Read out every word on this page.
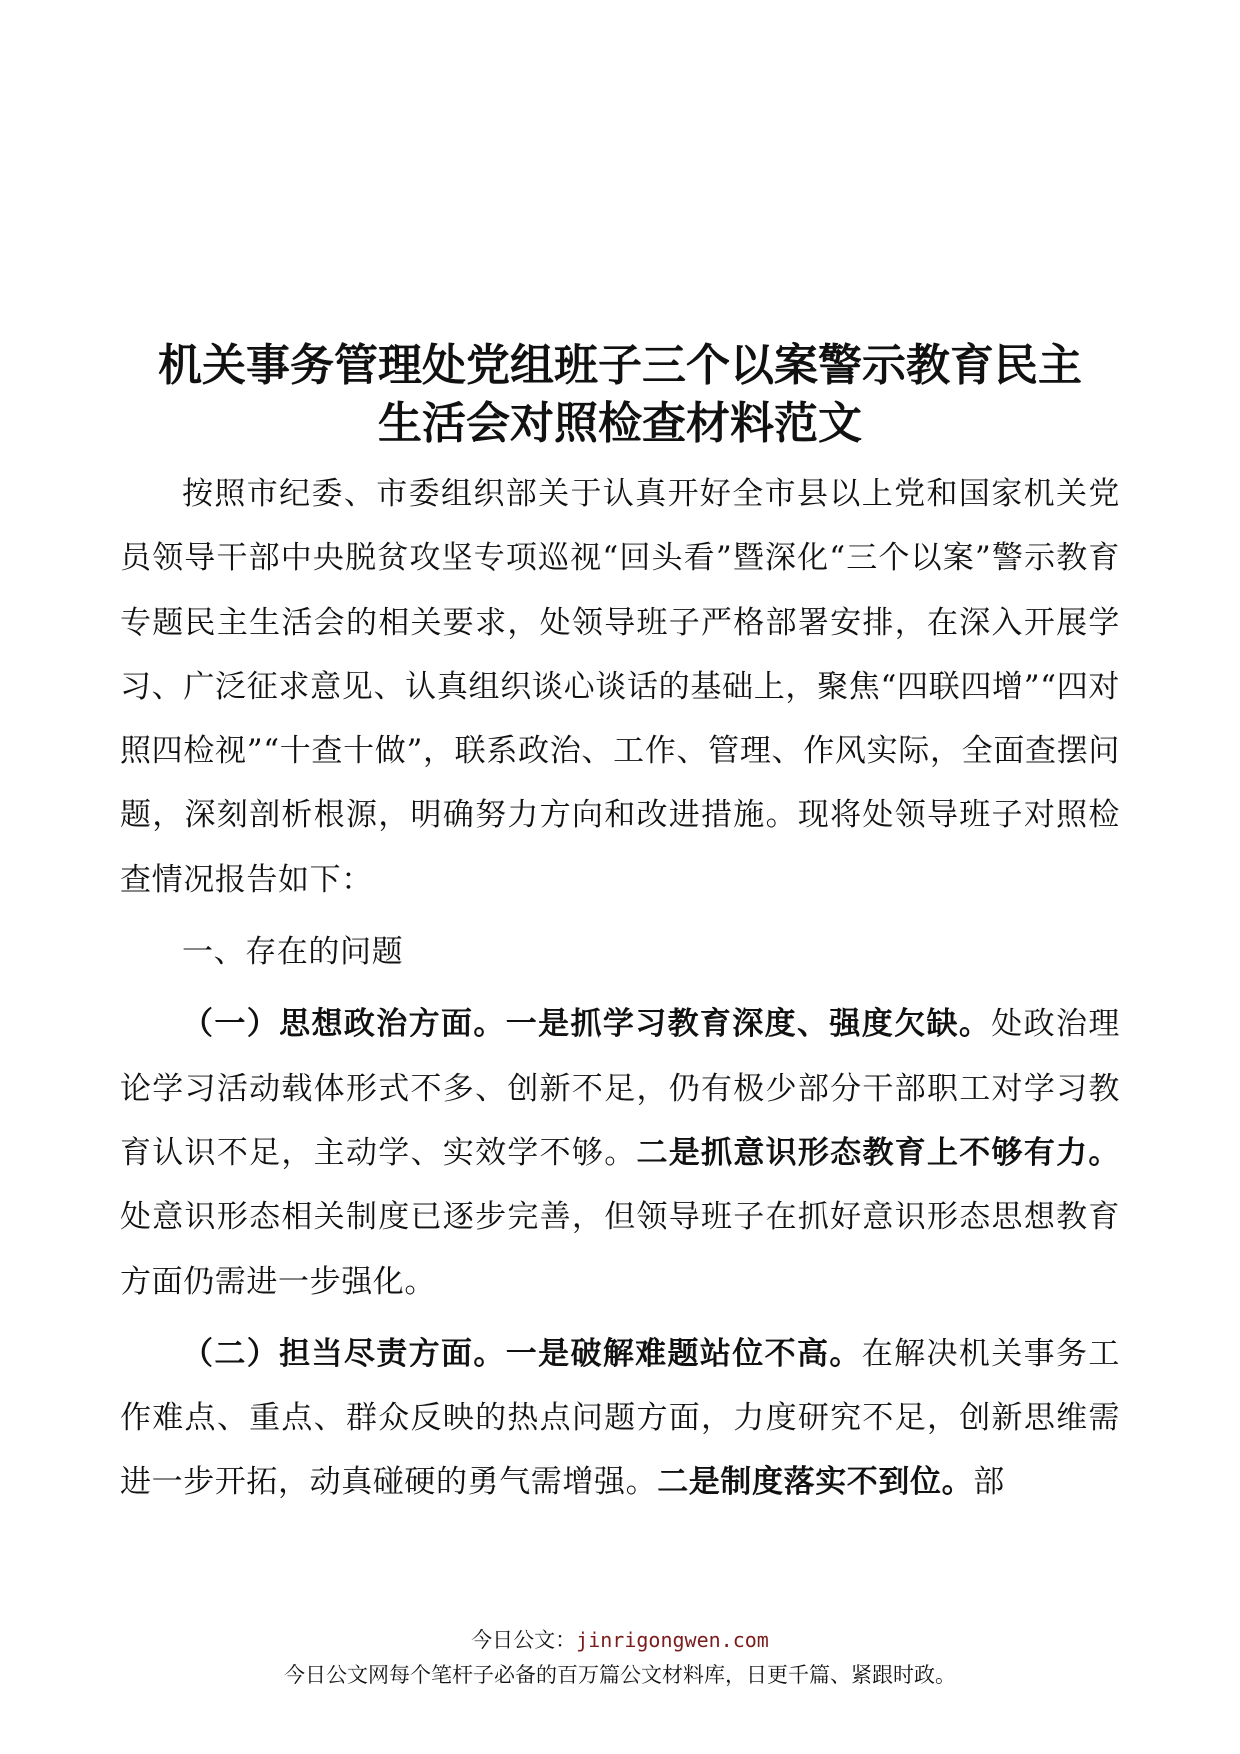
机关事务管理处党组班子三个以案警示教育民主
生活会对照检查材料范文

按照市纪委、市委组织部关于认真开好全市县以上党和国家机关党员领导干部中央脱贫攻坚专项巡视“回头看”暨深化“三个以案”警示教育专题民主生活会的相关要求，处领导班子严格部署安排，在深入开展学习、广泛征求意见、认真组织谈心谈话的基础上，聚焦“四联四增”“四对照四检视”“十查十做”，联系政治、工作、管理、作风实际，全面查摆问题，深刻剖析根源，明确努力方向和改进措施。现将处领导班子对照检查情况报告如下：

一、存在的问题

（一）思想政治方面。一是抓学习教育深度、强度欠缺。处政治理论学习活动载体形式不多、创新不足，仍有极少部分干部职工对学习教育认识不足，主动学、实效学不够。二是抓意识形态教育上不够有力。处意识形态相关制度已逐步完善，但领导班子在抓好意识形态思想教育方面仍需进一步强化。

（二）担当尽责方面。一是破解难题站位不高。在解决机关事务工作难点、重点、群众反映的热点问题方面，力度研究不足，创新思维需进一步开拓，动真碰硬的勇气需增强。二是制度落实不到位。部

今日公文：jinrigongwen.com
今日公文网每个笔杆子必备的百万篇公文材料库，日更千篇、紧跟时政。
